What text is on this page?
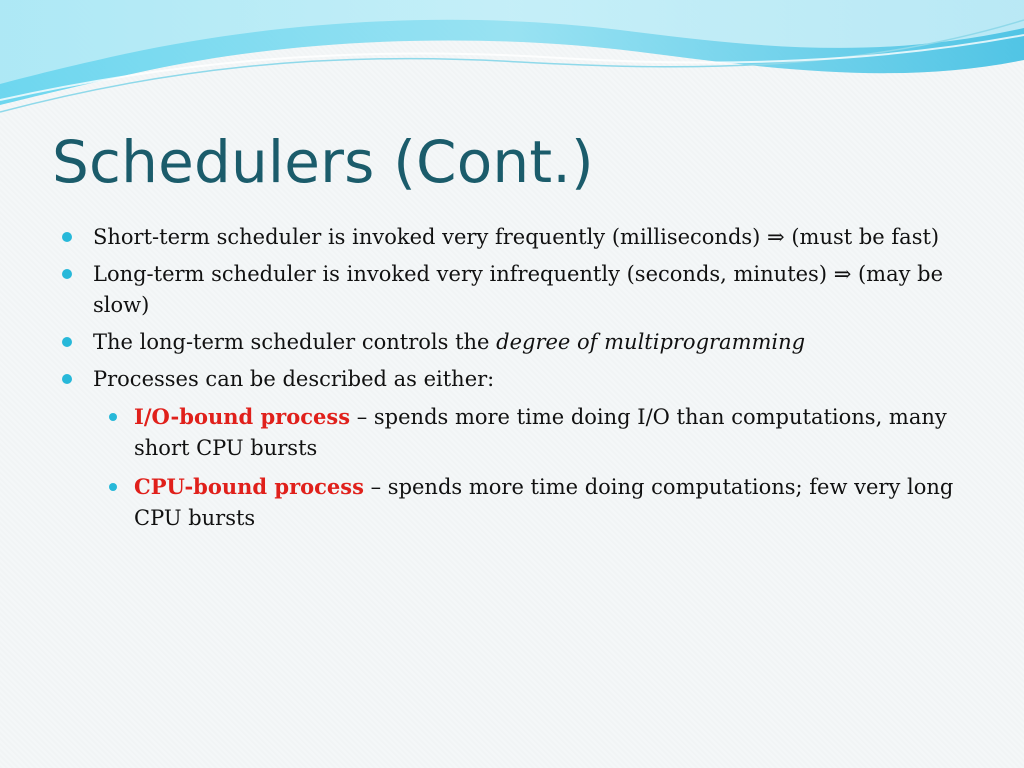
Schedulers (Cont.)
Short-term scheduler is invoked very frequently (milliseconds) ⇒ (must be fast)
Long-term scheduler is invoked very infrequently (seconds, minutes) ⇒ (may be slow)
The long-term scheduler controls the degree of multiprogramming
Processes can be described as either:
I/O-bound process – spends more time doing I/O than computations, many short CPU bursts
CPU-bound process – spends more time doing computations; few very long CPU bursts
